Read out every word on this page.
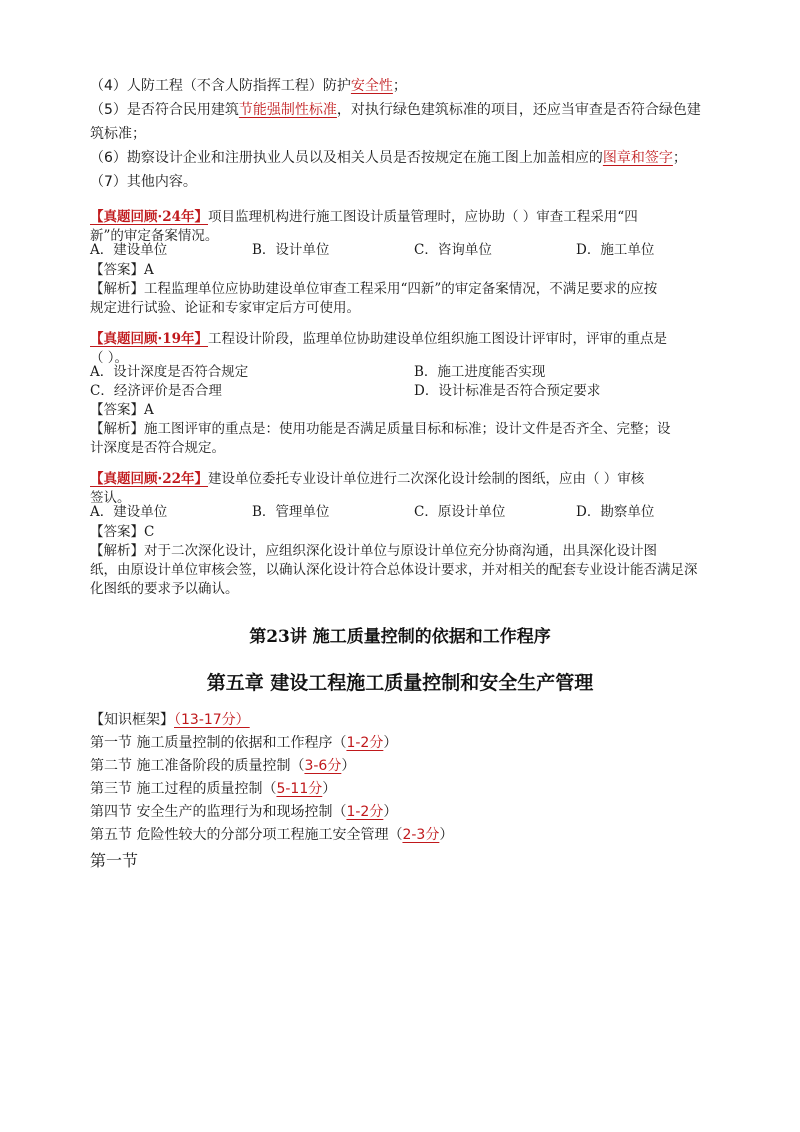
（4）人防工程（不含人防指挥工程）防护安全性；
（5）是否符合民用建筑节能强制性标准，对执行绿色建筑标准的项目，还应当审查是否符合绿色建
筑标准；
（6）勘察设计企业和注册执业人员以及相关人员是否按规定在施工图上加盖相应的图章和签字；
（7）其他内容。
【真题回顾·24年】项目监理机构进行施工图设计质量管理时，应协助（ ）审查工程采用“四
新”的审定备案情况。
A．建设单位	B．设计单位	C．咨询单位	D．施工单位
【答案】A
【解析】工程监理单位应协助建设单位审查工程采用“四新”的审定备案情况，不满足要求的应按
规定进行试验、论证和专家审定后方可使用。
【真题回顾·19年】工程设计阶段，监理单位协助建设单位组织施工图设计评审时，评审的重点是
（ ）。
A．设计深度是否符合规定	B．施工进度能否实现
C．经济评价是否合理	D．设计标准是否符合预定要求
【答案】A
【解析】施工图评审的重点是：使用功能是否满足质量目标和标准；设计文件是否齐全、完整；设
计深度是否符合规定。
【真题回顾·22年】建设单位委托专业设计单位进行二次深化设计绘制的图纸，应由（ ）审核
签认。
A．建设单位	B．管理单位	C．原设计单位	D．勘察单位
【答案】C
【解析】对于二次深化设计，应组织深化设计单位与原设计单位充分协商沟通，出具深化设计图
纸，由原设计单位审核会签，以确认深化设计符合总体设计要求，并对相关的配套专业设计能否满足深
化图纸的要求予以确认。
第23讲 施工质量控制的依据和工作程序
第五章 建设工程施工质量控制和安全生产管理
【知识框架】（13-17分）
第一节 施工质量控制的依据和工作程序（1-2分）
第二节 施工准备阶段的质量控制（3-6分）
第三节 施工过程的质量控制（5-11分）
第四节 安全生产的监理行为和现场控制（1-2分）
第五节 危险性较大的分部分项工程施工安全管理（2-3分）
第一节
